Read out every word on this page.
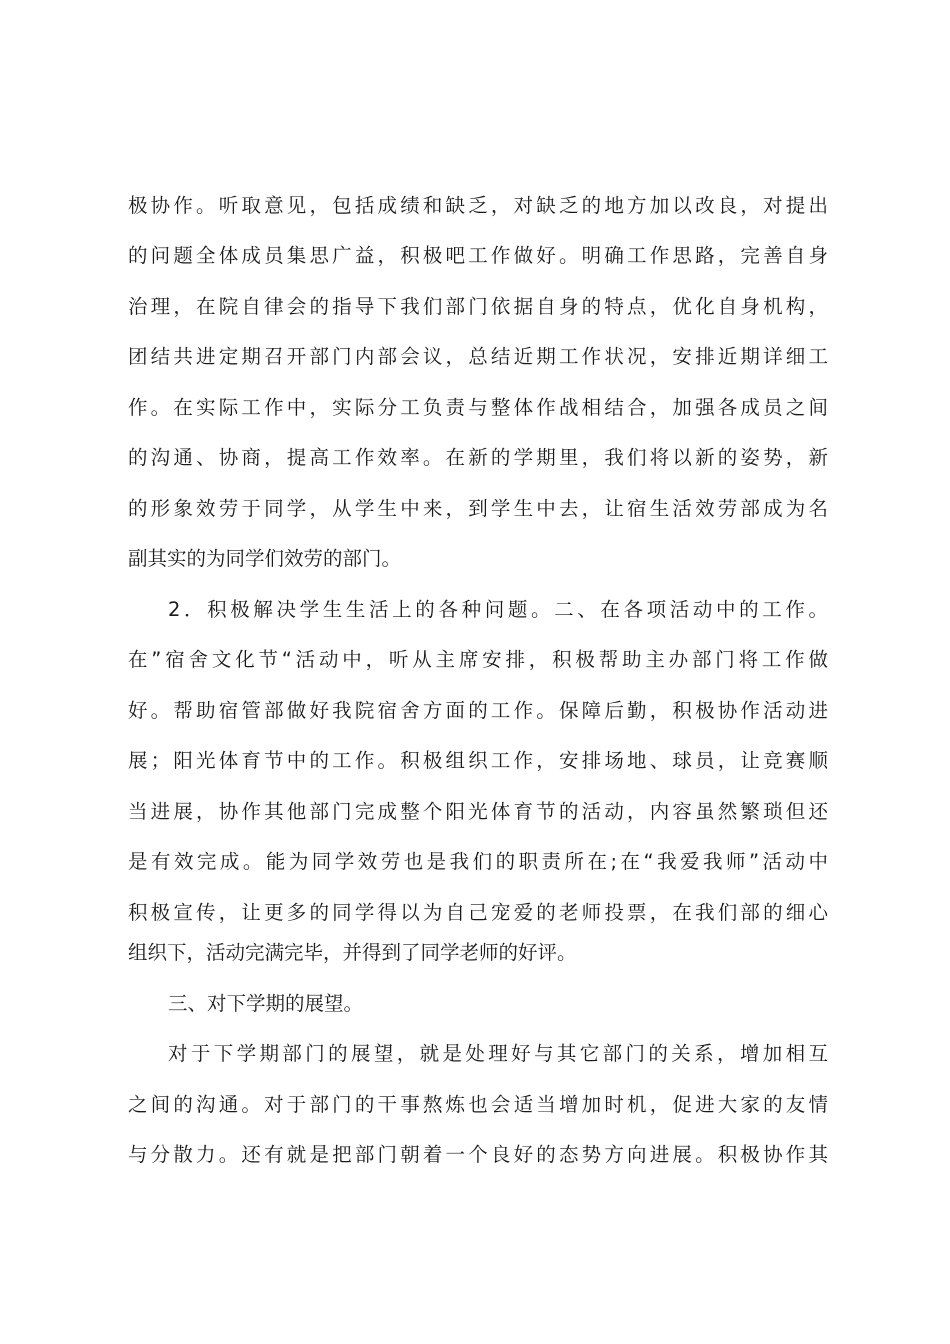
极协作。听取意见，包括成绩和缺乏，对缺乏的地方加以改良，对提出
的问题全体成员集思广益，积极吧工作做好。明确工作思路，完善自身
治理，在院自律会的指导下我们部门依据自身的特点，优化自身机构，
团结共进定期召开部门内部会议，总结近期工作状况，安排近期详细工
作。在实际工作中，实际分工负责与整体作战相结合，加强各成员之间
的沟通、协商，提高工作效率。在新的学期里，我们将以新的姿势，新
的形象效劳于同学，从学生中来，到学生中去，让宿生活效劳部成为名
副其实的为同学们效劳的部门。
2．积极解决学生生活上的各种问题。二、在各项活动中的工作。
在”宿舍文化节“活动中，听从主席安排，积极帮助主办部门将工作做
好。帮助宿管部做好我院宿舍方面的工作。保障后勤，积极协作活动进
展；阳光体育节中的工作。积极组织工作，安排场地、球员，让竞赛顺
当进展，协作其他部门完成整个阳光体育节的活动，内容虽然繁琐但还
是有效完成。能为同学效劳也是我们的职责所在;在“我爱我师”活动中
积极宣传，让更多的同学得以为自己宠爱的老师投票，在我们部的细心
组织下，活动完满完毕，并得到了同学老师的好评。
三、对下学期的展望。
对于下学期部门的展望，就是处理好与其它部门的关系，增加相互
之间的沟通。对于部门的干事熬炼也会适当增加时机，促进大家的友情
与分散力。还有就是把部门朝着一个良好的态势方向进展。积极协作其
